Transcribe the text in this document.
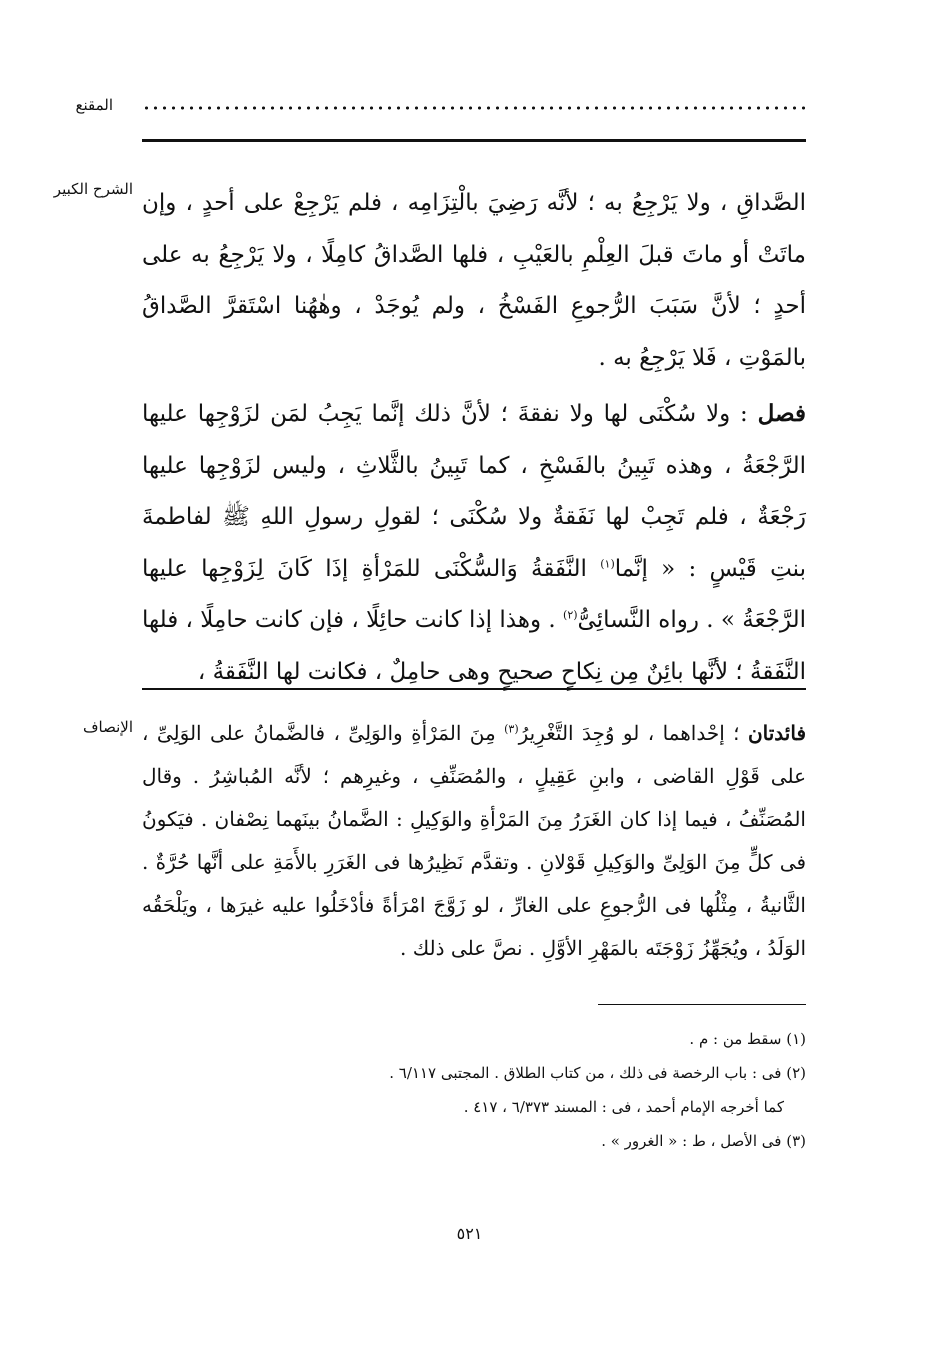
المقنع
الشرح الكبير

الصَّداقِ ، ولا يَرْجِعُ به ؛ لأنَّه رَضِيَ بالْتِزَامِه ، فلم يَرْجِعْ على أحدٍ ، وإن ماتَتْ أو ماتَ قبلَ العِلْمِ بالعَيْبِ ، فلها الصَّداقُ كامِلًا ، ولا يَرْجِعُ به على أحدٍ ؛ لأنَّ سَبَبَ الرُّجوعِ الفَسْخُ ، ولم يُوجَدْ ، وهٰهُنا اسْتَقرَّ الصَّداقُ بالمَوْتِ ، فَلا يَرْجِعُ به .

فصل : ولا سُكْنَى لها ولا نفقةَ ؛ لأنَّ ذلك إنَّما يَجِبُ لمَن لزَوْجِها عليها الرَّجْعَةُ ، وهذه تَبِينُ بالفَسْخِ ، كما تَبِينُ بالثَّلاثِ ، وليس لزَوْجِها عليها رَجْعَةٌ ، فلم تَجِبْ لها نَفَقةٌ ولا سُكْنَى ؛ لقولِ رسولِ اللهِ ﷺ لفاطمةَ بنتِ قَيْسٍ : « إنَّما$^{(١)}$ النَّفَقةُ وَالسُّكْنَى للمَرْأةِ إذَا كَانَ لِزَوْجِها عليها الرَّجْعَةُ » . رواه النَّسائِىُّ$^{(٢)}$ . وهذا إذا كانت حائِلًا ، فإن كانت حامِلًا ، فلها النَّفَقةُ ؛ لأنَّها بائِنٌ مِن نِكاحٍ صحيحٍ وهى حامِلٌ ، فكانت لها النَّفَقةُ ،

الإنصاف	فائدتان ؛ إحْداهما ، لو وُجِدَ التَّغْرِيرُ$^{(٣)}$ مِنَ المَرْأةِ والوَلِىِّ ، فالضَّمانُ على الوَلِىِّ ، على قَوْلِ القاضى ، وابنِ عَقِيلٍ ، والمُصَنِّفِ ، وغيرِهم ؛ لأنَّه المُباشِرُ . وقال المُصَنِّفُ ، فيما إذا كان الغَرَرُ مِنَ المَرْأةِ والوَكِيلِ : الضَّمانُ بينَهما نِصْفان . فيَكونُ فى كلٍّ مِنَ الوَلِىِّ والوَكِيلِ قَوْلانِ . وتقدَّم نَظِيرُها فى الغَرَرِ بالأَمَةِ على أنَّها حُرَّةٌ . الثَّانيةُ ، مِثْلُها فى الرُّجوعِ على الغارِّ ، لو زَوَّجَ امْرَأةً فأدْخَلُوا عليه غيرَها ، ويَلْحَقُه الوَلَدُ ، ويُجَهِّزُ زَوْجَتَه بالمَهْرِ الأوَّلِ . نصَّ على ذلك .

(١) سقط من : م .

(٢) فى : باب الرخصة فى ذلك ، من كتاب الطلاق . المجتبى ٦/١١٧ .

كما أخرجه الإمام أحمد ، فى : المسند ٦/٣٧٣ ، ٤١٧ .

(٣) فى الأصل ، ط : « الغرور » .

٥٢١
